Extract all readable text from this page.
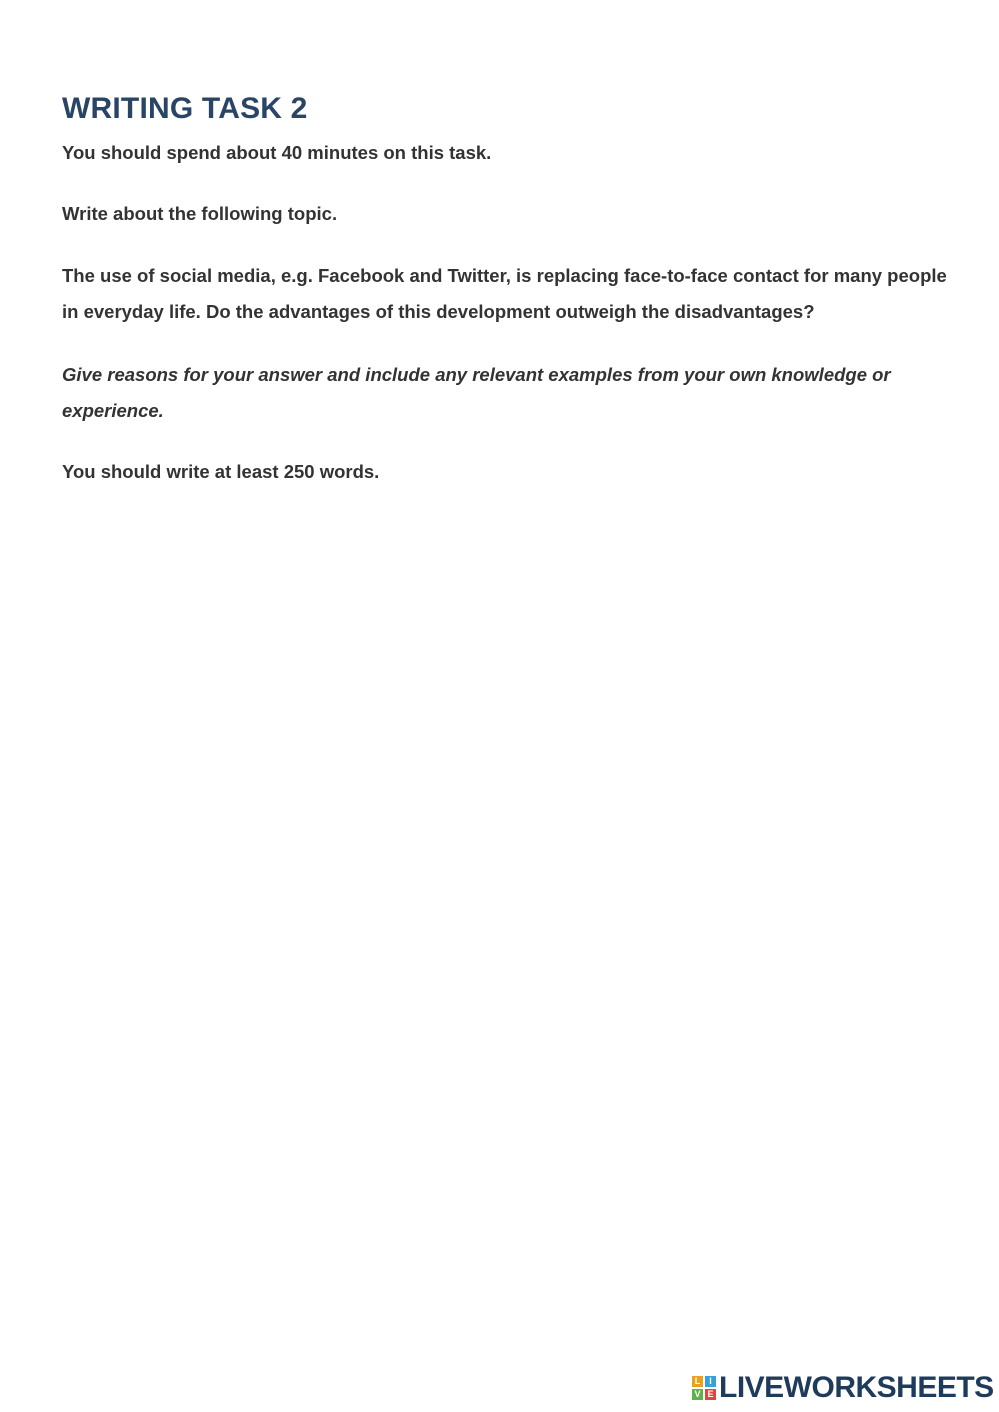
WRITING TASK 2

You should spend about 40 minutes on this task.

Write about the following topic.

The use of social media, e.g. Facebook and Twitter, is replacing face-to-face contact for many people in everyday life. Do the advantages of this development outweigh the disadvantages?

Give reasons for your answer and include any relevant examples from your own knowledge or experience.

You should write at least 250 words.

L I
V E LIVEWORKSHEETS
